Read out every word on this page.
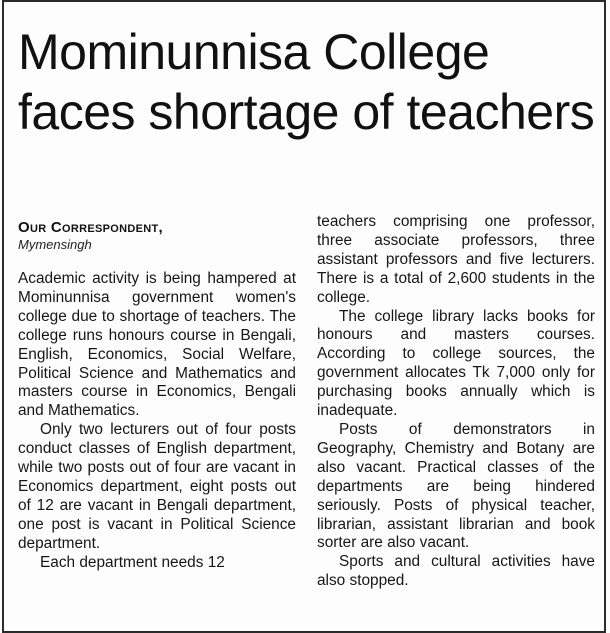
Mominunnisa College faces shortage of teachers
Our Correspondent,
Mymensingh

Academic activity is being hampered at Mominunnisa government women's college due to shortage of teachers. The college runs honours course in Bengali, English, Economics, Social Welfare, Political Science and Mathematics and masters course in Economics, Bengali and Mathematics.

Only two lecturers out of four posts conduct classes of English department, while two posts out of four are vacant in Economics department, eight posts out of 12 are vacant in Bengali department, one post is vacant in Political Science department.

Each department needs 12

teachers comprising one professor, three associate professors, three assistant professors and five lecturers. There is a total of 2,600 students in the college.

The college library lacks books for honours and masters courses. According to college sources, the government allocates Tk 7,000 only for purchasing books annually which is inadequate.

Posts of demonstrators in Geography, Chemistry and Botany are also vacant. Practical classes of the departments are being hindered seriously. Posts of physical teacher, librarian, assistant librarian and book sorter are also vacant.

Sports and cultural activities have also stopped.
